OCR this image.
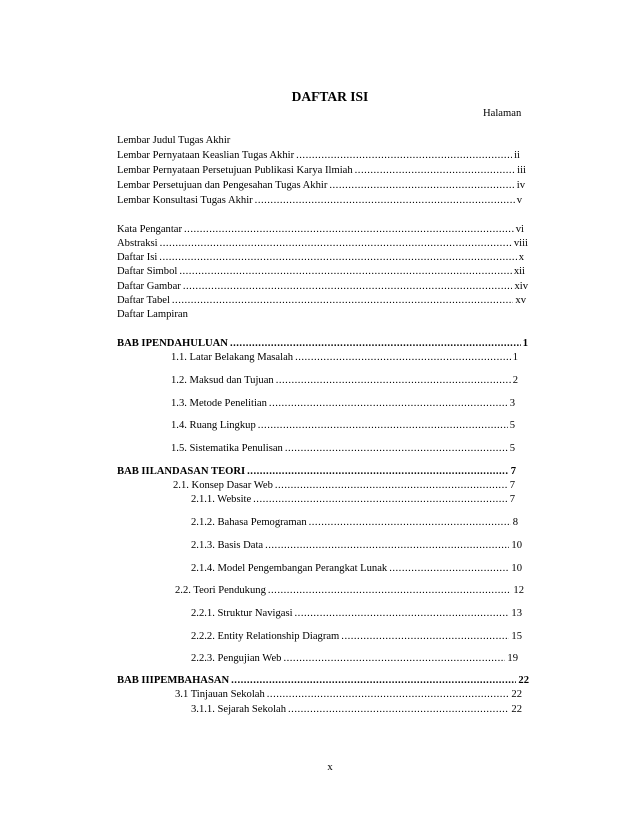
DAFTAR ISI
Halaman
Lembar Judul Tugas Akhir
Lembar Pernyataan Keaslian Tugas Akhir .....	ii
Lembar Pernyataan Persetujuan Publikasi Karya Ilmiah .....	iii
Lembar Persetujuan dan Pengesahan Tugas Akhir .....	iv
Lembar Konsultasi Tugas Akhir .....	v
Kata Pengantar .....	vi
Abstraksi .....	viii
Daftar Isi .....	x
Daftar Simbol .....	xii
Daftar Gambar .....	xiv
Daftar Tabel .....	xv
Daftar Lampiran
BAB I PENDAHULUAN .....	1
1.1. Latar Belakang Masalah .....	1
1.2. Maksud dan Tujuan .....	2
1.3. Metode Penelitian .....	3
1.4. Ruang Lingkup .....	5
1.5. Sistematika Penulisan .....	5
BAB II LANDASAN TEORI .....	7
2.1. Konsep Dasar Web .....	7
2.1.1. Website .....	7
2.1.2. Bahasa Pemograman .....	8
2.1.3. Basis Data .....	10
2.1.4. Model Pengembangan Perangkat Lunak .....	10
2.2. Teori Pendukung .....	12
2.2.1. Struktur Navigasi .....	13
2.2.2. Entity Relationship Diagram .....	15
2.2.3. Pengujian Web .....	19
BAB III PEMBAHASAN .....	22
3.1 Tinjauan Sekolah .....	22
3.1.1. Sejarah Sekolah .....	22
x
